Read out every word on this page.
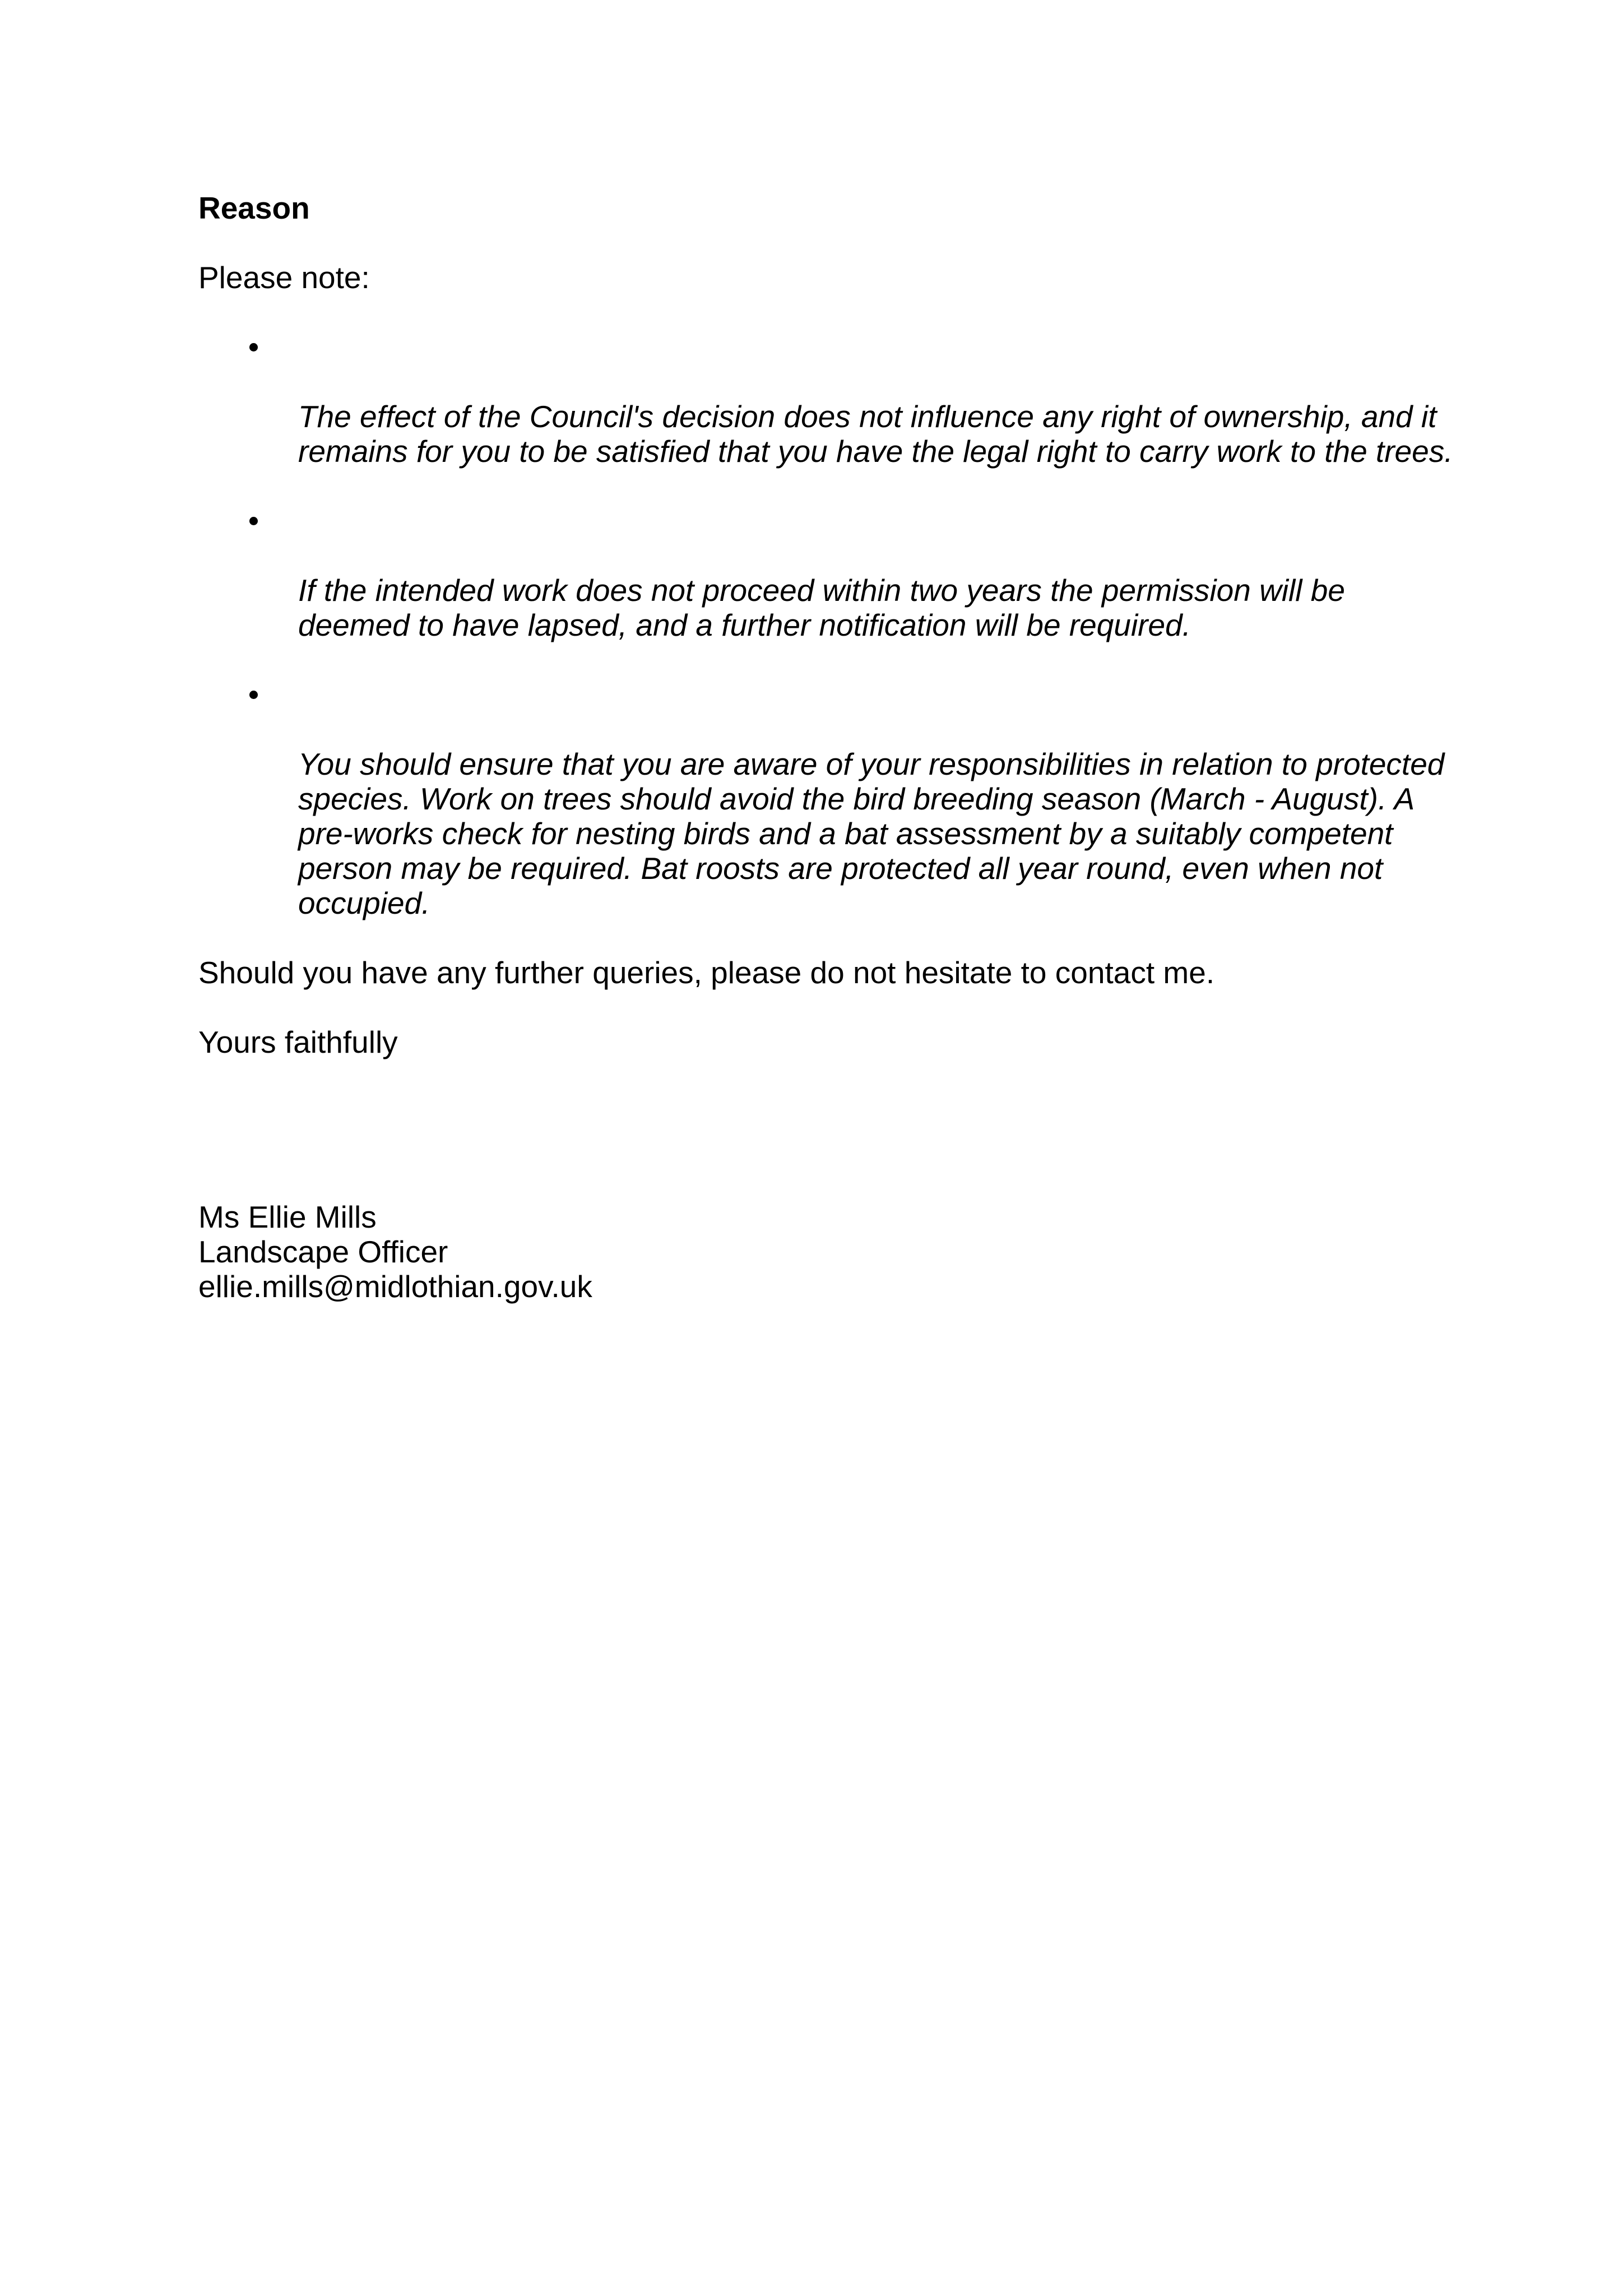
Reason

Please note:

The effect of the Council's decision does not influence any right of ownership, and it
remains for you to be satisfied that you have the legal right to carry work to the trees.

If the intended work does not proceed within two years the permission will be
deemed to have lapsed, and a further notification will be required.

You should ensure that you are aware of your responsibilities in relation to protected
species. Work on trees should avoid the bird breeding season (March - August). A
pre-works check for nesting birds and a bat assessment by a suitably competent
person may be required. Bat roosts are protected all year round, even when not
occupied.

Should you have any further queries, please do not hesitate to contact me.

Yours faithfully

Ms Ellie Mills

Landscape Officer

ellie.mills@midlothian.gov.uk
